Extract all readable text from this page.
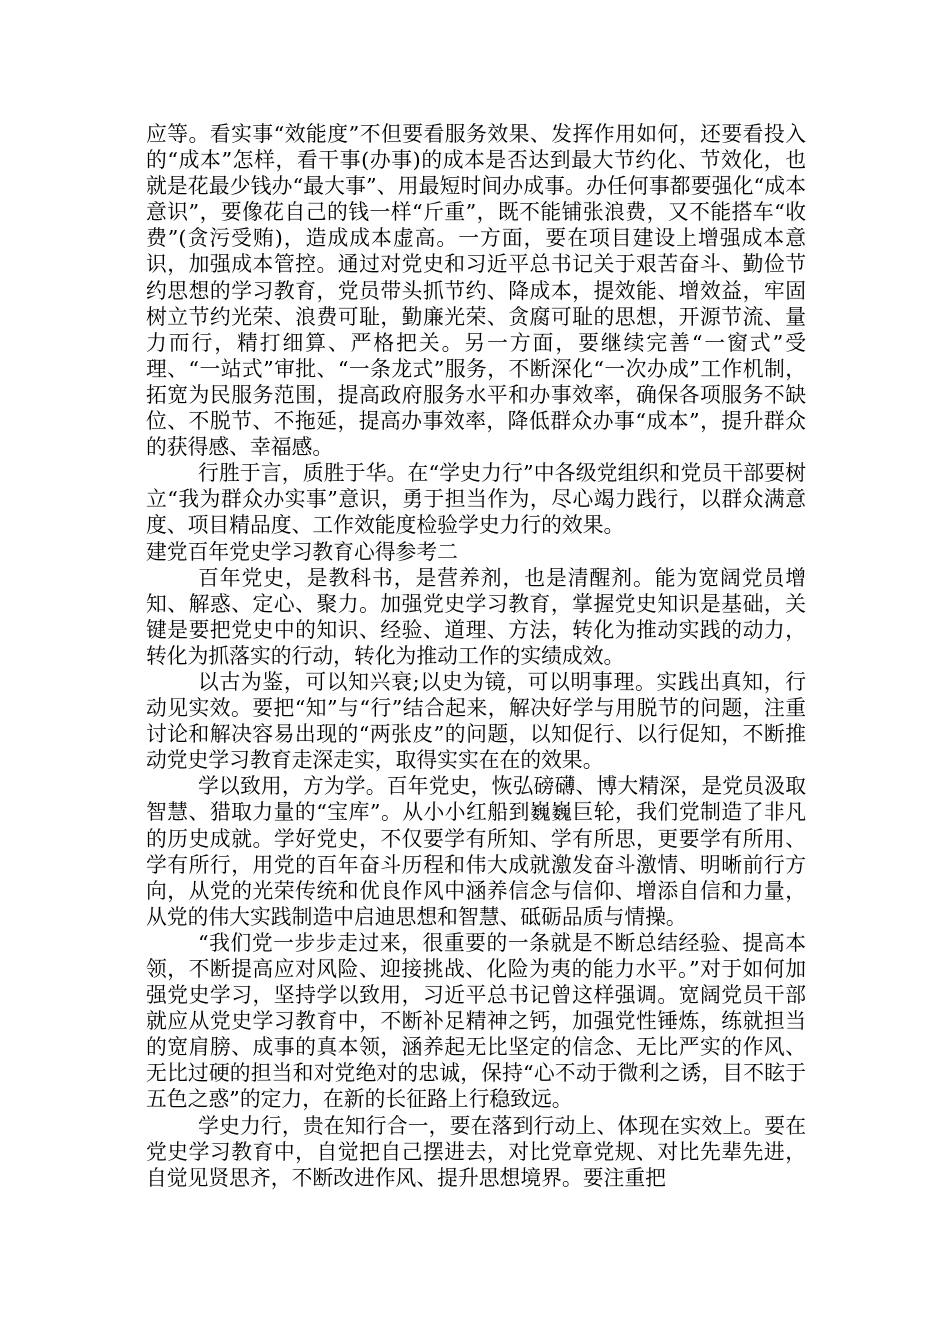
应等。看实事“效能度”不但要看服务效果、发挥作用如何，还要看投入的“成本”怎样，看干事(办事)的成本是否达到最大节约化、节效化，也就是花最少钱办“最大事”、用最短时间办成事。办任何事都要强化“成本意识”，要像花自己的钱一样“斤重”，既不能铺张浪费，又不能搭车“收费”(贪污受贿)，造成成本虚高。一方面，要在项目建设上增强成本意识，加强成本管控。通过对党史和习近平总书记关于艰苦奋斗、勤俭节约思想的学习教育，党员带头抓节约、降成本，提效能、增效益，牢固树立节约光荣、浪费可耻，勤廉光荣、贪腐可耻的思想，开源节流、量力而行，精打细算、严格把关。另一方面，要继续完善“一窗式”受理、“一站式”审批、“一条龙式”服务，不断深化“一次办成”工作机制，拓宽为民服务范围，提高政府服务水平和办事效率，确保各项服务不缺位、不脱节、不拖延，提高办事效率，降低群众办事“成本”，提升群众的获得感、幸福感。

行胜于言，质胜于华。在“学史力行”中各级党组织和党员干部要树立“我为群众办实事”意识，勇于担当作为，尽心竭力践行，以群众满意度、项目精品度、工作效能度检验学史力行的效果。

建党百年党史学习教育心得参考二

百年党史，是教科书，是营养剂，也是清醒剂。能为宽阔党员增知、解惑、定心、聚力。加强党史学习教育，掌握党史知识是基础，关键是要把党史中的知识、经验、道理、方法，转化为推动实践的动力，转化为抓落实的行动，转化为推动工作的实绩成效。

以古为鉴，可以知兴衰;以史为镜，可以明事理。实践出真知，行动见实效。要把“知”与“行”结合起来，解决好学与用脱节的问题，注重讨论和解决容易出现的“两张皮”的问题，以知促行、以行促知，不断推动党史学习教育走深走实，取得实实在在的效果。

学以致用，方为学。百年党史，恢弘磅礴、博大精深，是党员汲取智慧、猎取力量的“宝库”。从小小红船到巍巍巨轮，我们党制造了非凡的历史成就。学好党史，不仅要学有所知、学有所思，更要学有所用、学有所行，用党的百年奋斗历程和伟大成就激发奋斗激情、明晰前行方向，从党的光荣传统和优良作风中涵养信念与信仰、增添自信和力量，从党的伟大实践制造中启迪思想和智慧、砥砺品质与情操。

“我们党一步步走过来，很重要的一条就是不断总结经验、提高本领，不断提高应对风险、迎接挑战、化险为夷的能力水平。”对于如何加强党史学习，坚持学以致用，习近平总书记曾这样强调。宽阔党员干部就应从党史学习教育中，不断补足精神之钙，加强党性锤炼，练就担当的宽肩膀、成事的真本领，涵养起无比坚定的信念、无比严实的作风、无比过硬的担当和对党绝对的忠诚，保持“心不动于微利之诱，目不眩于五色之惑”的定力，在新的长征路上行稳致远。

学史力行，贵在知行合一，要在落到行动上、体现在实效上。要在党史学习教育中，自觉把自己摆进去，对比党章党规、对比先辈先进，自觉见贤思齐，不断改进作风、提升思想境界。要注重把
